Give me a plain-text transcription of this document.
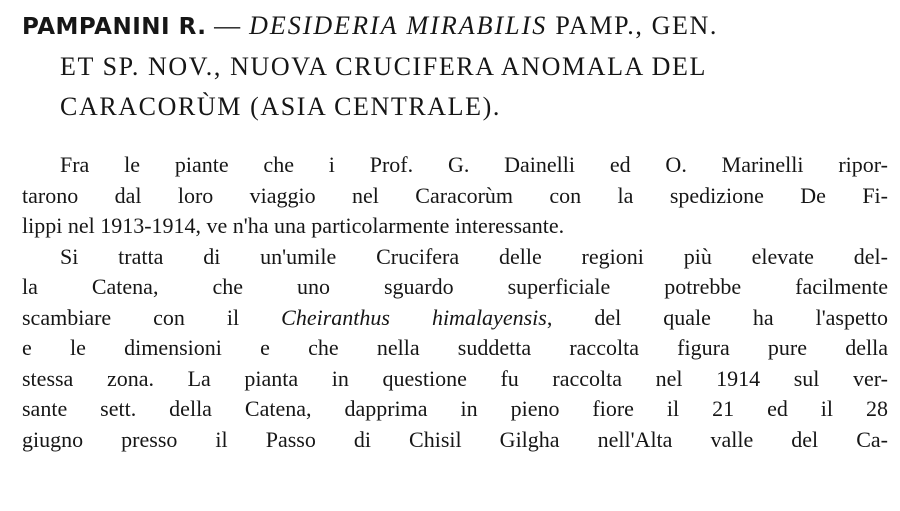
PAMPANINI R. — DESIDERIA MIRABILIS PAMP., GEN.
ET SP. NOV., NUOVA CRUCIFERA ANOMALA DEL
CARACORÙM (ASIA CENTRALE).
Fra le piante che i Prof. G. Dainelli ed O. Marinelli ripor-
tarono dal loro viaggio nel Caracorùm con la spedizione De Fi-
lippi nel 1913-1914, ve n'ha una particolarmente interessante.
Si tratta di un'umile Crucifera delle regioni più elevate del-
la Catena, che uno sguardo superficiale potrebbe facilmente
scambiare con il Cheiranthus himalayensis, del quale ha l'aspetto
e le dimensioni e che nella suddetta raccolta figura pure della
stessa zona. La pianta in questione fu raccolta nel 1914 sul ver-
sante sett. della Catena, dapprima in pieno fiore il 21 ed il 28
giugno presso il Passo di Chisil Gilgha nell'Alta valle del Ca-
